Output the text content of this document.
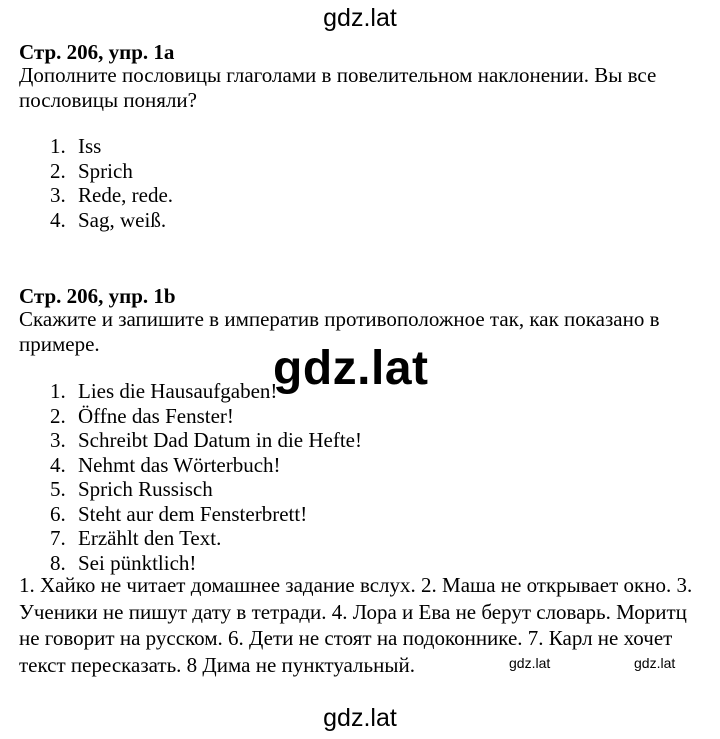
gdz.lat
Стр. 206, упр. 1a
Дополните пословицы глаголами в повелительном наклонении. Вы все
пословицы поняли?
1. Iss
2. Sprich
3. Rede, rede.
4. Sag, weiß.
Стр. 206, упр. 1b
Скажите и запишите в императив противоположное так, как показано в
примере.
1. Lies die Hausaufgaben!
2. Öffne das Fenster!
3. Schreibt Dad Datum in die Hefte!
4. Nehmt das Wörterbuch!
5. Sprich Russisch
6. Steht aur dem Fensterbrett!
7. Erzählt den Text.
8. Sei pünktlich!
1. Хайко не читает домашнее задание вслух. 2. Маша не открывает окно. 3.
Ученики не пишут дату в тетради. 4. Лора и Ева не берут словарь. Моритц
не говорит на русском. 6. Дети не стоят на подоконнике. 7. Карл не хочет
текст пересказать. 8 Дима не пунктуальный.
gdz.lat
gdz.lat	gdz.lat
gdz.lat
